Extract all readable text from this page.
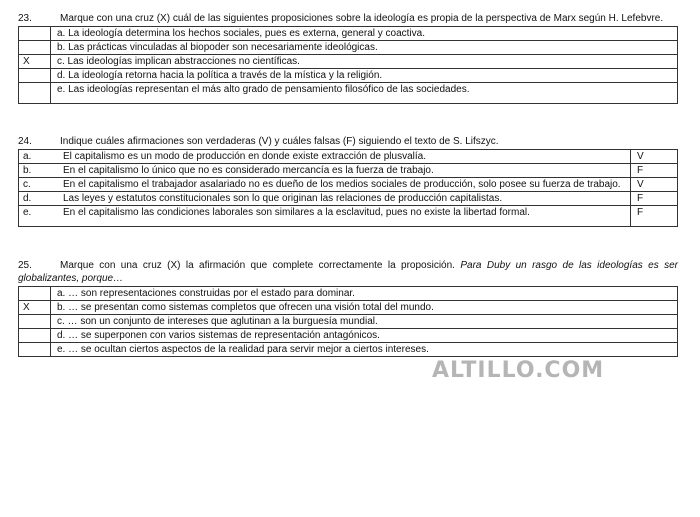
23.	Marque con una cruz (X) cuál de las siguientes proposiciones sobre la ideología es propia de la perspectiva de Marx según H. Lefebvre.
	a. La ideología determina los hechos sociales, pues es externa, general y coactiva.
	b. Las prácticas vinculadas al biopoder son necesariamente ideológicas.
X	c. Las ideologías implican abstracciones no científicas.
	d. La ideología retorna hacia la política a través de la mística y la religión.
	e. Las ideologías representan el más alto grado de pensamiento filosófico de las sociedades.
24.	Indique cuáles afirmaciones son verdaderas (V) y cuáles falsas (F) siguiendo el texto de S. Lifszyc.
a. El capitalismo es un modo de producción en donde existe extracción de plusvalía.	V
b. En el capitalismo lo único que no es considerado mercancía es la fuerza de trabajo.	F
c. En el capitalismo el trabajador asalariado no es dueño de los medios sociales de producción, solo posee su fuerza de trabajo.	V
d. Las leyes y estatutos constitucionales son lo que originan las relaciones de producción capitalistas.	F
e. En el capitalismo las condiciones laborales son similares a la esclavitud, pues no existe la libertad formal.	F
25.	Marque con una cruz (X) la afirmación que complete correctamente la proposición. Para Duby un rasgo de las ideologías es ser globalizantes, porque…
	a. … son representaciones construidas por el estado para dominar.
X	b. … se presentan como sistemas completos que ofrecen una visión total del mundo.
	c. … son un conjunto de intereses que aglutinan a la burguesía mundial.
	d. … se superponen con varios sistemas de representación antagónicos.
	e. … se ocultan ciertos aspectos de la realidad para servir mejor a ciertos intereses.
ALTILLO.COM
